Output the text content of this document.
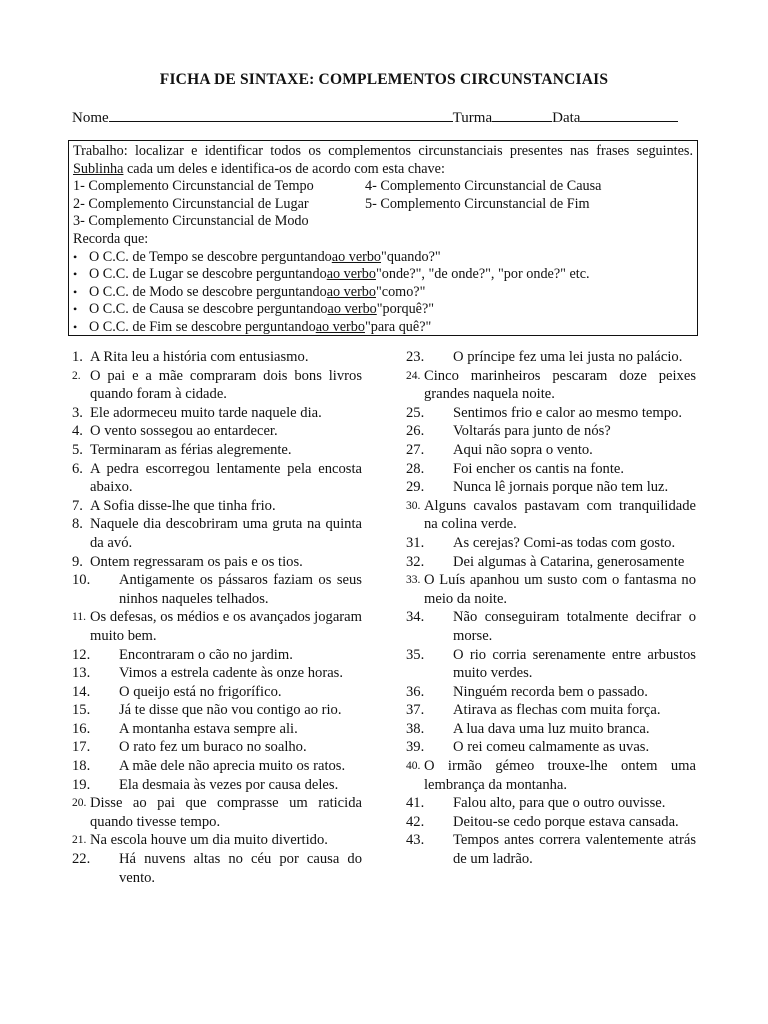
FICHA DE SINTAXE: COMPLEMENTOS CIRCUNSTANCIAIS
Nome	Turma	Data
Trabalho: localizar e identificar todos os complementos circunstanciais presentes nas frases seguintes. Sublinha cada um deles e identifica-os de acordo com esta chave:
1- Complemento Circunstancial de Tempo	4- Complemento Circunstancial de Causa
2- Complemento Circunstancial de Lugar	5- Complemento Circunstancial de Fim
3- Complemento Circunstancial de Modo
Recorda que:
• O C.C. de Tempo se descobre perguntando ao verbo "quando?"
• O C.C. de Lugar se descobre perguntando ao verbo "onde?", "de onde?", "por onde?" etc.
• O C.C. de Modo se descobre perguntando ao verbo "como?"
• O C.C. de Causa se descobre perguntando ao verbo "porquê?"
• O C.C. de Fim se descobre perguntando ao verbo "para quê?"
1. A Rita leu a história com entusiasmo.
2. O pai e a mãe compraram dois bons livros quando foram à cidade.
3. Ele adormeceu muito tarde naquele dia.
4. O vento sossegou ao entardecer.
5. Terminaram as férias alegremente.
6. A pedra escorregou lentamente pela encosta abaixo.
7. A Sofia disse-lhe que tinha frio.
8. Naquele dia descobriram uma gruta na quinta da avó.
9. Ontem regressaram os pais e os tios.
10.	Antigamente os pássaros faziam os seus ninhos naqueles telhados.
11. Os defesas, os médios e os avançados jogaram muito bem.
12.	Encontraram o cão no jardim.
13.	Vimos a estrela cadente às onze horas.
14.	O queijo está no frigorífico.
15.	Já te disse que não vou contigo ao rio.
16.	A montanha estava sempre ali.
17.	O rato fez um buraco no soalho.
18.	A mãe dele não aprecia muito os ratos.
19.	Ela desmaia às vezes por causa deles.
20. Disse ao pai que comprasse um raticida quando tivesse tempo.
21. Na escola houve um dia muito divertido.
22.	Há nuvens altas no céu por causa do vento.
23.	O príncipe fez uma lei justa no palácio.
24. Cinco marinheiros pescaram doze peixes grandes naquela noite.
25.	Sentimos frio e calor ao mesmo tempo.
26.	Voltarás para junto de nós?
27.	Aqui não sopra o vento.
28.	Foi encher os cantis na fonte.
29.	Nunca lê jornais porque não tem luz.
30. Alguns cavalos pastavam com tranquilidade na colina verde.
31.	As cerejas? Comi-as todas com gosto.
32.	Dei algumas à Catarina, generosamente
33. O Luís apanhou um susto com o fantasma no meio da noite.
34.	Não conseguiram totalmente decifrar o morse.
35.	O rio corria serenamente entre arbustos muito verdes.
36.	Ninguém recorda bem o passado.
37.	Atirava as flechas com muita força.
38.	A lua dava uma luz muito branca.
39.	O rei comeu calmamente as uvas.
40. O irmão gémeo trouxe-lhe ontem uma lembrança da montanha.
41.	Falou alto, para que o outro ouvisse.
42.	Deitou-se cedo porque estava cansada.
43.	Tempos antes correra valentemente atrás de um ladrão.
